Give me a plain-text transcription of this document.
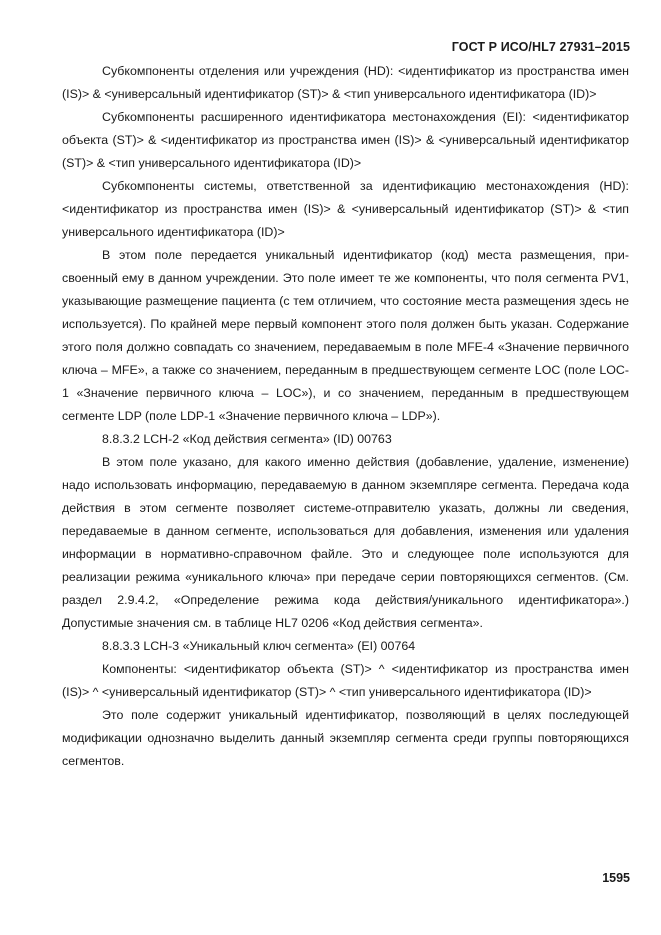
ГОСТ Р ИСО/HL7 27931–2015

Субкомпоненты отделения или учреждения (HD): <идентификатор из пространства имен (IS)> & <универсальный идентификатор (ST)> & <тип универсального идентификатора (ID)>

Субкомпоненты расширенного идентификатора местонахождения (EI): <идентификатор объекта (ST)> & <идентификатор из пространства имен (IS)> & <универсальный идентификатор (ST)> & <тип универсального идентификатора (ID)>

Субкомпоненты системы, ответственной за идентификацию местонахождения (HD): <идентификатор из пространства имен (IS)> & <универсальный идентификатор (ST)> & <тип универсального идентификатора (ID)>

В этом поле передается уникальный идентификатор (код) места размещения, присвоенный ему в данном учреждении. Это поле имеет те же компоненты, что поля сегмента PV1, указывающие размещение пациента (с тем отличием, что состояние места размещения здесь не используется). По крайней мере первый компонент этого поля должен быть указан. Содержание этого поля должно совпадать со значением, передаваемым в поле MFE-4 «Значение первичного ключа – MFE», а также со значением, переданным в предшествующем сегменте LOC (поле LOC-1 «Значение первичного ключа – LOC»), и со значением, переданным в предшествующем сегменте LDP (поле LDP-1 «Значение первичного ключа – LDP»).

8.8.3.2 LCH-2 «Код действия сегмента» (ID) 00763

В этом поле указано, для какого именно действия (добавление, удаление, изменение) надо использовать информацию, передаваемую в данном экземпляре сегмента. Передача кода действия в этом сегменте позволяет системе-отправителю указать, должны ли сведения, передаваемые в данном сегменте, использоваться для добавления, изменения или удаления информации в нормативно-справочном файле. Это и следующее поле используются для реализации режима «уникального ключа» при передаче серии повторяющихся сегментов. (См. раздел 2.9.4.2, «Определение режима кода действия/уникального идентификатора».) Допустимые значения см. в таблице HL7 0206 «Код действия сегмента».

8.8.3.3 LCH-3 «Уникальный ключ сегмента» (EI) 00764

Компоненты: <идентификатор объекта (ST)> ^ <идентификатор из пространства имен (IS)> ^ <универсальный идентификатор (ST)> ^ <тип универсального идентификатора (ID)>

Это поле содержит уникальный идентификатор, позволяющий в целях последующей модификации однозначно выделить данный экземпляр сегмента среди группы повторяющихся сегментов.

1595
